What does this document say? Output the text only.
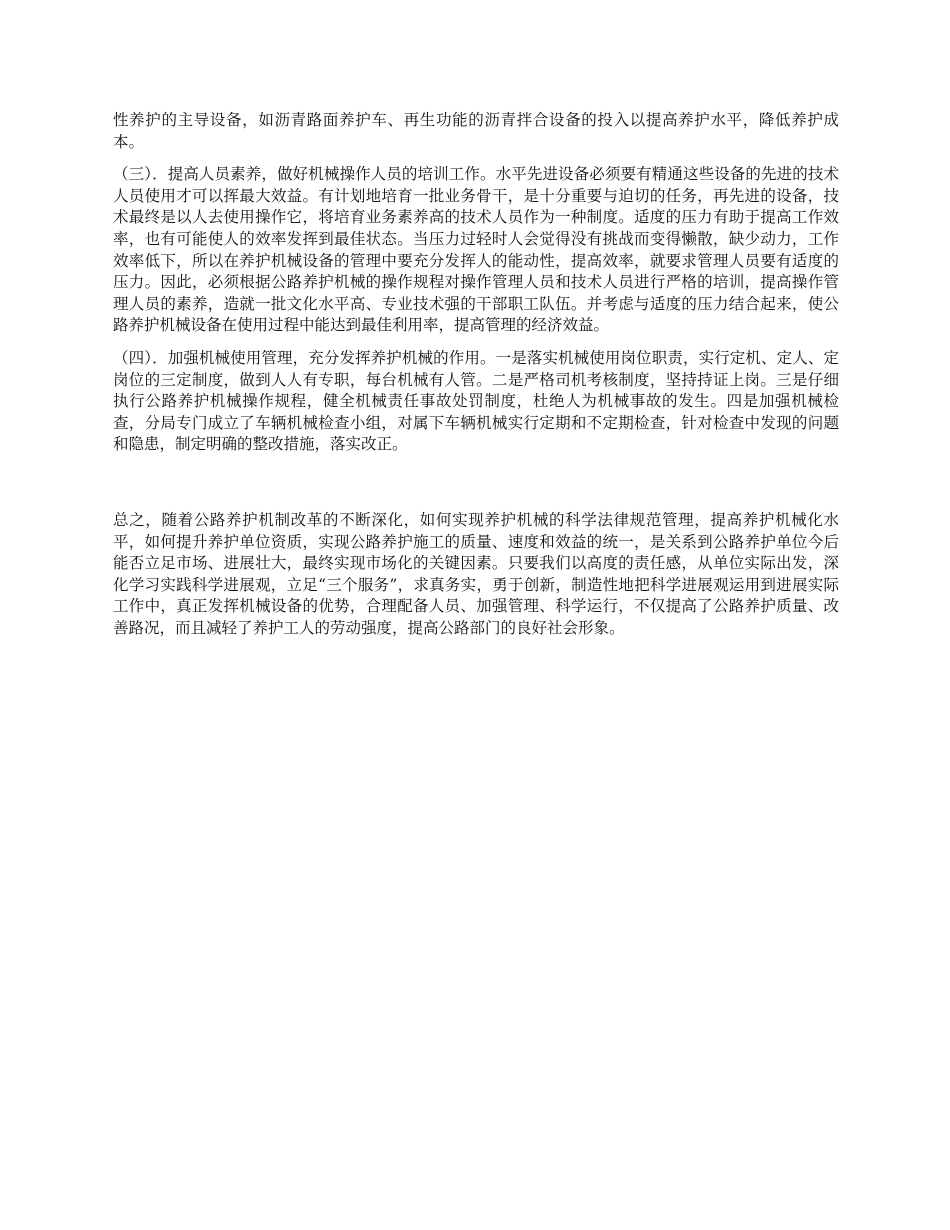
性养护的主导设备，如沥青路面养护车、再生功能的沥青拌合设备的投入以提高养护水平，降低养护成本。

（三）．提高人员素养，做好机械操作人员的培训工作。水平先进设备必须要有精通这些设备的先进的技术人员使用才可以挥最大效益。有计划地培育一批业务骨干，是十分重要与迫切的任务，再先进的设备，技术最终是以人去使用操作它，将培育业务素养高的技术人员作为一种制度。适度的压力有助于提高工作效率，也有可能使人的效率发挥到最佳状态。当压力过轻时人会觉得没有挑战而变得懒散，缺少动力，工作效率低下，所以在养护机械设备的管理中要充分发挥人的能动性，提高效率，就要求管理人员要有适度的压力。因此，必须根据公路养护机械的操作规程对操作管理人员和技术人员进行严格的培训，提高操作管理人员的素养，造就一批文化水平高、专业技术强的干部职工队伍。并考虑与适度的压力结合起来，使公路养护机械设备在使用过程中能达到最佳利用率，提高管理的经济效益。

（四）．加强机械使用管理，充分发挥养护机械的作用。一是落实机械使用岗位职责，实行定机、定人、定岗位的三定制度，做到人人有专职，每台机械有人管。二是严格司机考核制度，坚持持证上岗。三是仔细执行公路养护机械操作规程，健全机械责任事故处罚制度，杜绝人为机械事故的发生。四是加强机械检查，分局专门成立了车辆机械检查小组，对属下车辆机械实行定期和不定期检查，针对检查中发现的问题和隐患，制定明确的整改措施，落实改正。

总之，随着公路养护机制改革的不断深化，如何实现养护机械的科学法律规范管理，提高养护机械化水平，如何提升养护单位资质，实现公路养护施工的质量、速度和效益的统一，是关系到公路养护单位今后能否立足市场、进展壮大，最终实现市场化的关键因素。只要我们以高度的责任感，从单位实际出发，深化学习实践科学进展观，立足“三个服务”，求真务实，勇于创新，制造性地把科学进展观运用到进展实际工作中，真正发挥机械设备的优势，合理配备人员、加强管理、科学运行，不仅提高了公路养护质量、改善路况，而且减轻了养护工人的劳动强度，提高公路部门的良好社会形象。
